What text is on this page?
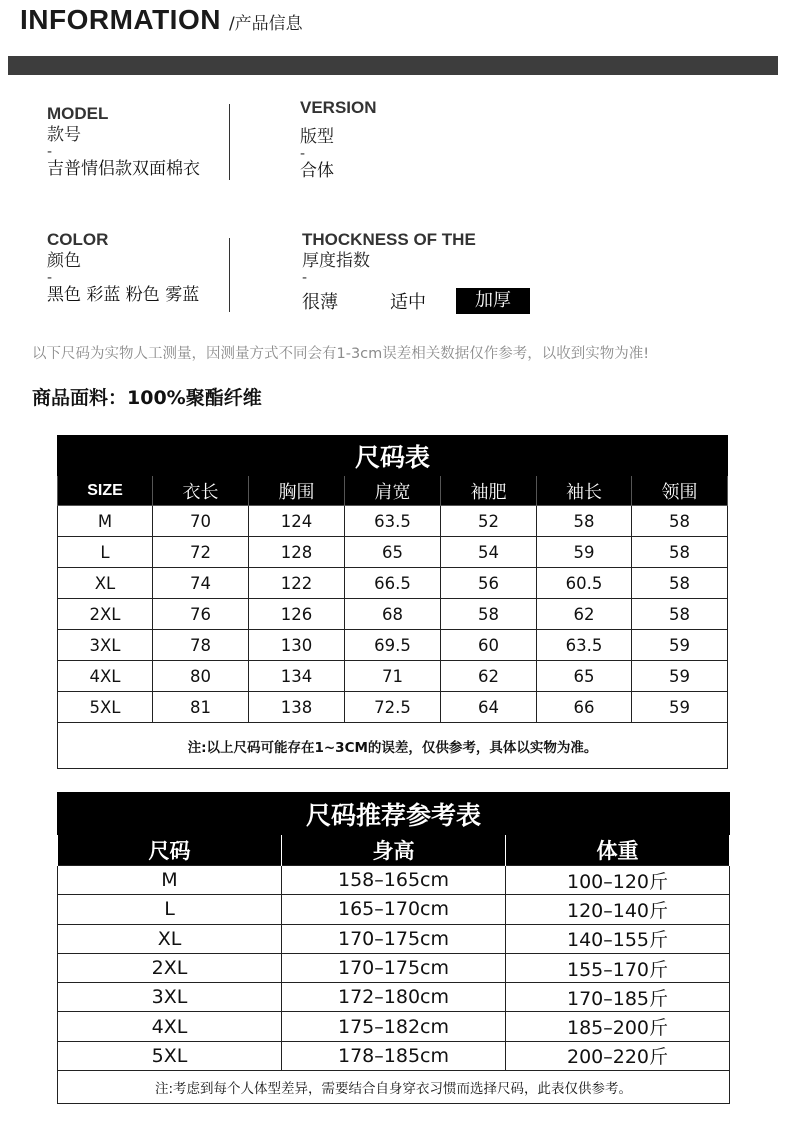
INFORMATION /产品信息
MODEL
款号
-
吉普情侣款双面棉衣
VERSION
版型
-
合体
COLOR
颜色
-
黑色 彩蓝 粉色 雾蓝
THOCKNESS OF THE
厚度指数
-
很薄	适中	加厚
以下尺码为实物人工测量，因测量方式不同会有1-3cm误差相关数据仅作参考，以收到实物为准!
商品面料：100%聚酯纤维
尺码表						
SIZE	衣长	胸围	肩宽	袖肥	袖长	领围
M	70	124	63.5	52	58	58
L	72	128	65	54	59	58
XL	74	122	66.5	56	60.5	58
2XL	76	126	68	58	62	58
3XL	78	130	69.5	60	63.5	59
4XL	80	134	71	62	65	59
5XL	81	138	72.5	64	66	59
注:以上尺码可能存在1~3CM的误差，仅供参考，具体以实物为准。						
尺码推荐参考表		
尺码	身高	体重
M	158–165cm	100–120斤
L	165–170cm	120–140斤
XL	170–175cm	140–155斤
2XL	170–175cm	155–170斤
3XL	172–180cm	170–185斤
4XL	175–182cm	185–200斤
5XL	178–185cm	200–220斤
注:考虑到每个人体型差异，需要结合自身穿衣习惯而选择尺码，此表仅供参考。		
